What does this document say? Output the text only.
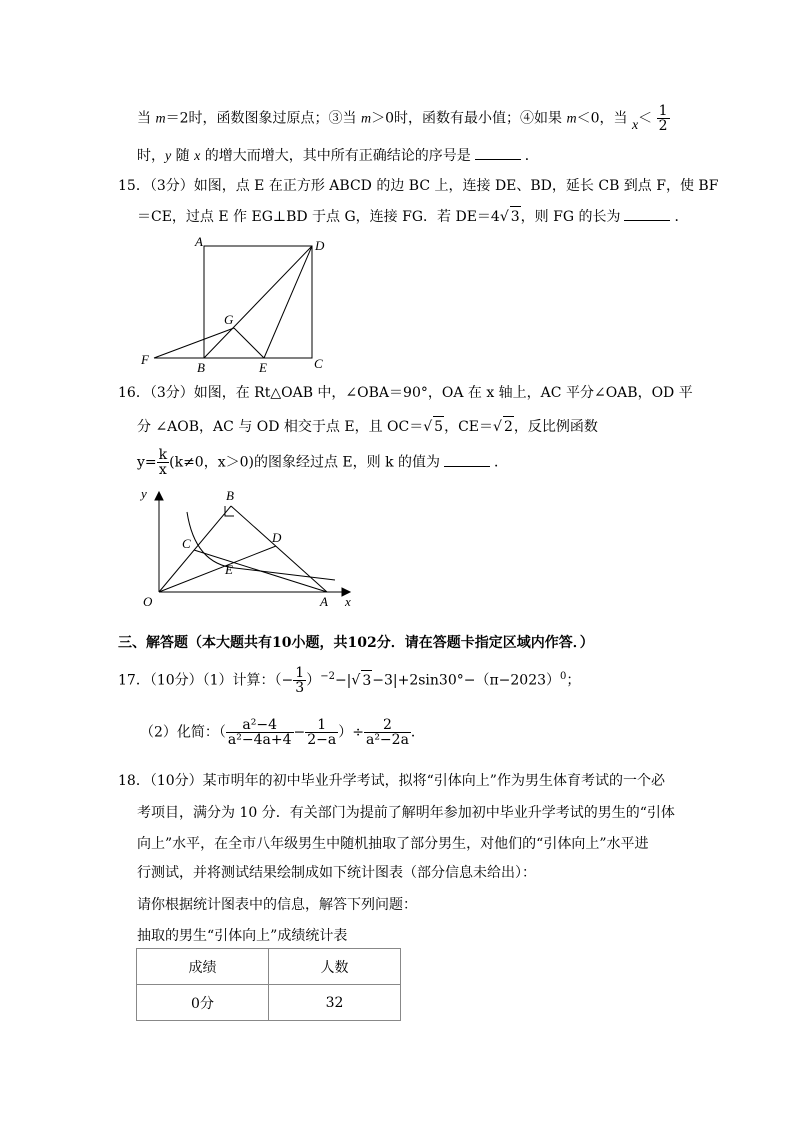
当 m＝2时，函数图象过原点；③当 m＞0时，函数有最小值；④如果 m＜0，当 $x< \frac{1}{2}$
时，y 随 x 的增大而增大，其中所有正确结论的序号是	．
15．（3分）如图，点 E 在正方形 ABCD 的边 BC 上，连接 DE、BD，延长 CB 到点 F，使 BF
＝CE，过点 E 作 EG⊥BD 于点 G，连接 FG．若 DE＝4√ 3，则 FG 的长为	．
A	D
G
F
B	E	C
16．（3分）如图，在 Rt△OAB 中，∠OBA＝90°，OA 在 x 轴上，AC 平分∠OAB，OD 平
分 ∠AOB，AC 与 OD 相交于点 E，且 OC＝√ 5，CE＝√ 2，反比例函数
$y= \frac{k}{x} (k\ne 0$，x＞0)的图象经过点 E，则 k 的值为	．
y	B
C	D
E
O	A x
三、解答题（本大题共有10小题，共102分．请在答题卡指定区域内作答．）
17．（10分）（1）计算：（− $\frac{1}{3} )^{-2}-|√$ $3-3|+2\sin 30^\circ-(\pi-2023)^0$；
（2）化简：（ $\frac{\text{a²−4}}{\text{a²−4a+4}} - \frac{1}{2-a}$ ）÷ $\frac{2}{\text{a²−2a}}$ ．
18．（10分）某市明年的初中毕业升学考试，拟将“引体向上”作为男生体育考试的一个必
考项目，满分为 10 分．有关部门为提前了解明年参加初中毕业升学考试的男生的“引体
向上”水平，在全市八年级男生中随机抽取了部分男生，对他们的“引体向上”水平进
行测试，并将测试结果绘制成如下统计图表（部分信息未给出）：
请你根据统计图表中的信息，解答下列问题：
抽取的男生“引体向上”成绩统计表
成绩	人数
0分	32
